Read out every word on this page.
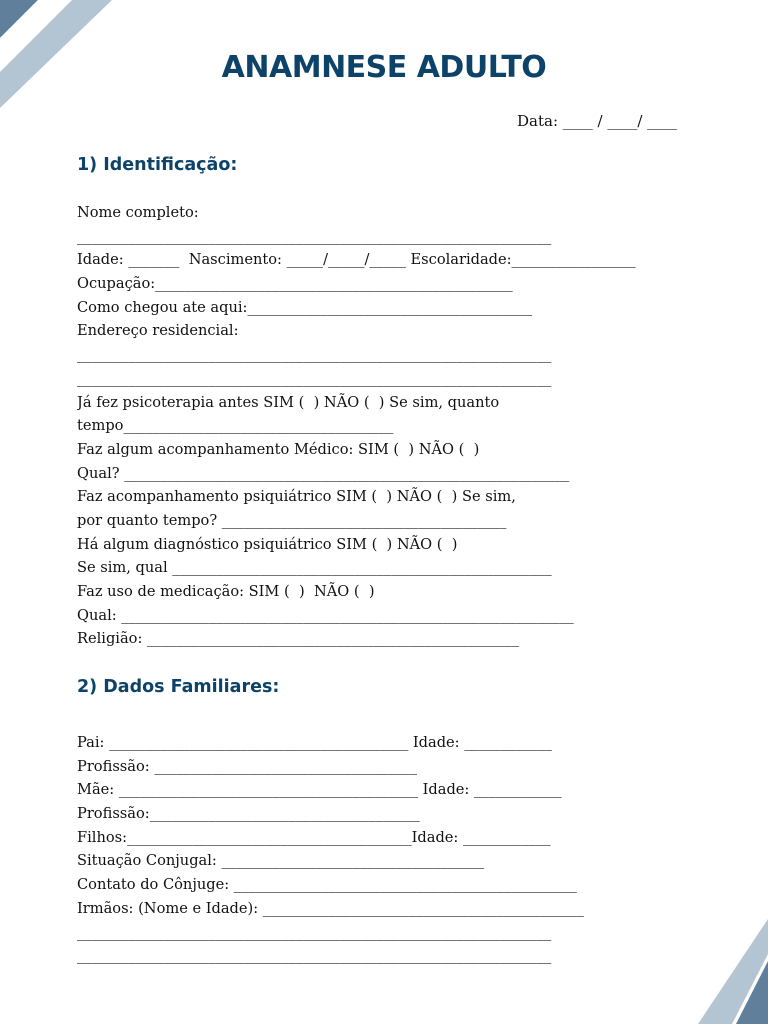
ANAMNESE ADULTO
Data: ____ / ____/ ____
1) Identificação:
Nome completo:
_________________________________________________________________
Idade: _______  Nascimento: _____/_____/_____ Escolaridade:_________________
Ocupação:_________________________________________________
Como chegou ate aqui:_______________________________________
Endereço residencial:
_________________________________________________________________
_________________________________________________________________
Já fez psicoterapia antes SIM (  ) NÃO (  ) Se sim, quanto
tempo_____________________________________
Faz algum acompanhamento Médico: SIM (  ) NÃO (  )
Qual? _____________________________________________________________
Faz acompanhamento psiquiátrico SIM (  ) NÃO (  ) Se sim,
por quanto tempo? _______________________________________
Há algum diagnóstico psiquiátrico SIM (  ) NÃO (  )
Se sim, qual ____________________________________________________
Faz uso de medicação: SIM (  )  NÃO (  )
Qual: ______________________________________________________________
Religião: ___________________________________________________
2) Dados Familiares:
Pai: _________________________________________ Idade: ____________
Profissão: ____________________________________
Mãe: _________________________________________ Idade: ____________
Profissão:_____________________________________
Filhos:_______________________________________Idade: ____________
Situação Conjugal: ____________________________________
Contato do Cônjuge: _______________________________________________
Irmãos: (Nome e Idade): ____________________________________________
_________________________________________________________________
_________________________________________________________________
